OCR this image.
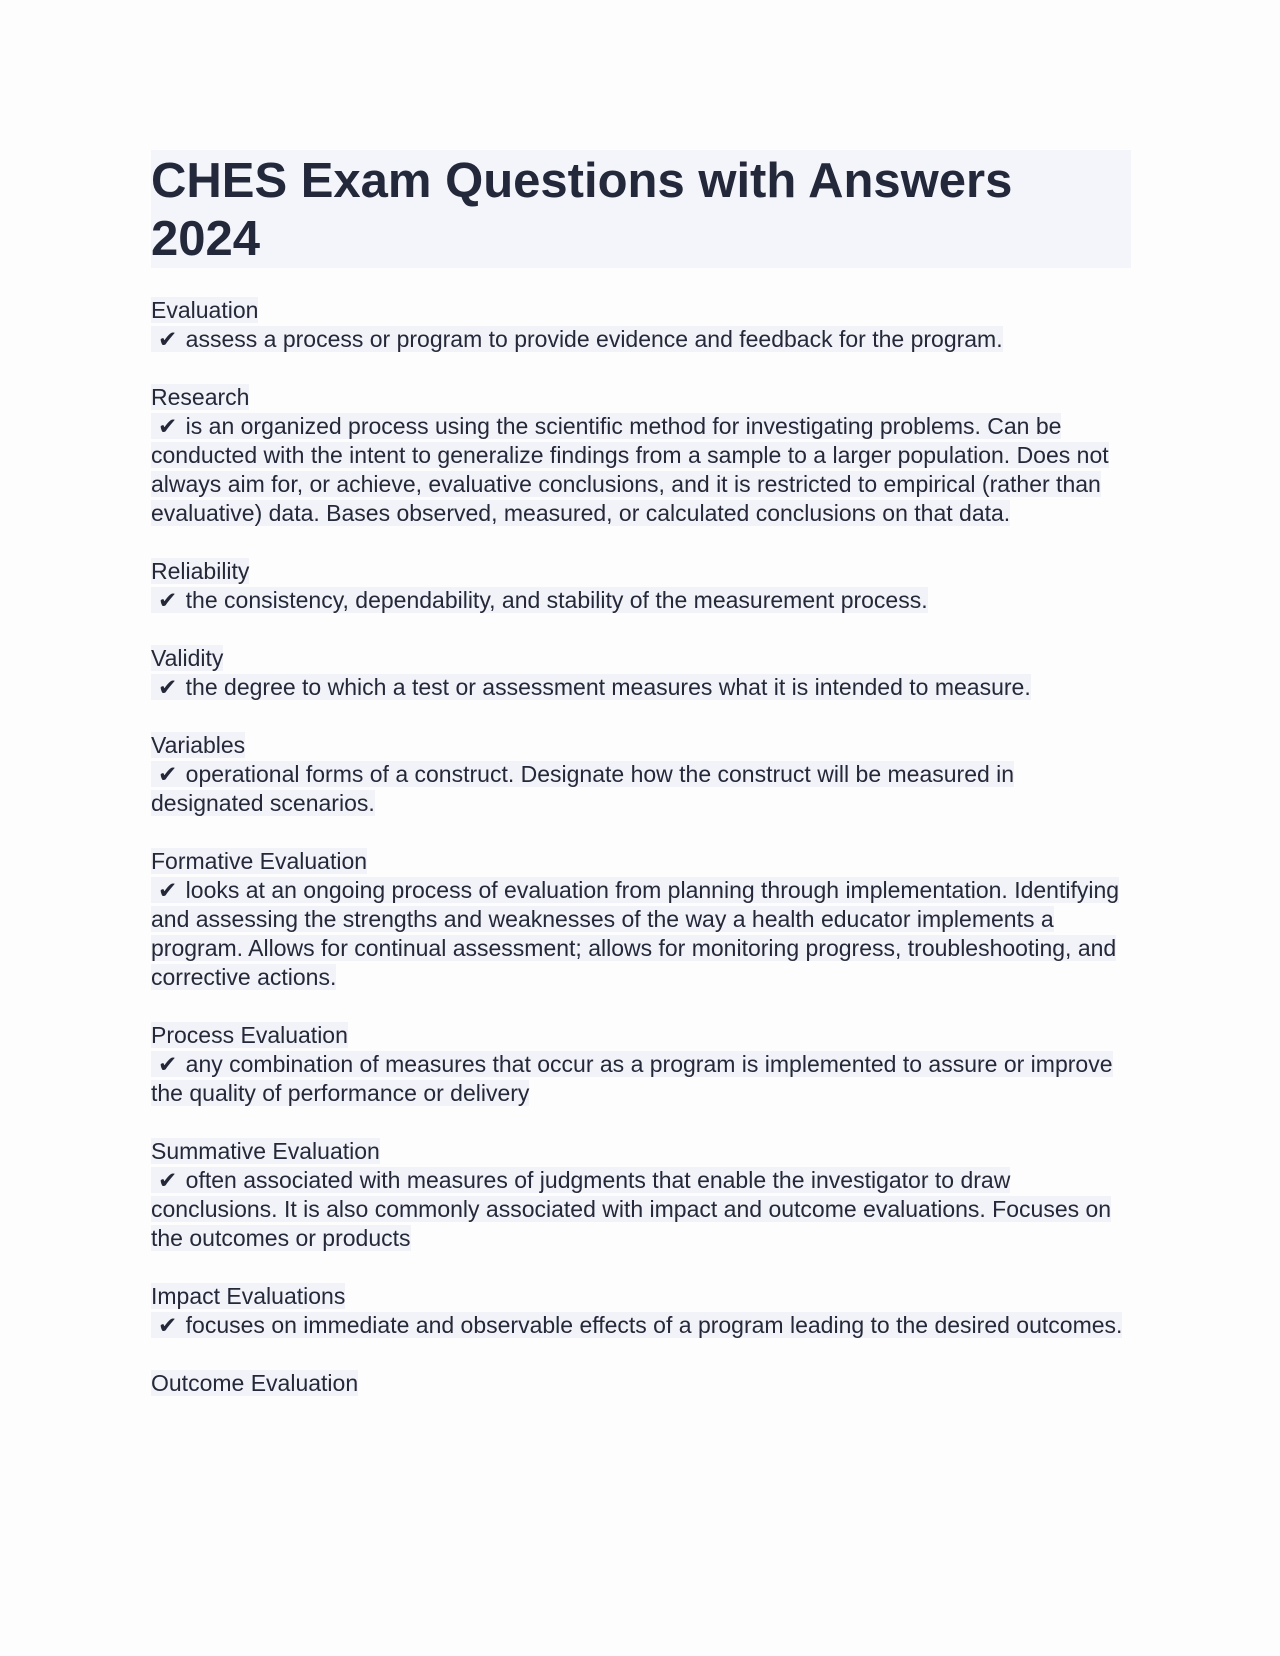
CHES Exam Questions with Answers 2024
Evaluation
✔ assess a process or program to provide evidence and feedback for the program.
Research
✔ is an organized process using the scientific method for investigating problems. Can be conducted with the intent to generalize findings from a sample to a larger population. Does not always aim for, or achieve, evaluative conclusions, and it is restricted to empirical (rather than evaluative) data. Bases observed, measured, or calculated conclusions on that data.
Reliability
✔ the consistency, dependability, and stability of the measurement process.
Validity
✔ the degree to which a test or assessment measures what it is intended to measure.
Variables
✔ operational forms of a construct. Designate how the construct will be measured in designated scenarios.
Formative Evaluation
✔ looks at an ongoing process of evaluation from planning through implementation. Identifying and assessing the strengths and weaknesses of the way a health educator implements a program. Allows for continual assessment; allows for monitoring progress, troubleshooting, and corrective actions.
Process Evaluation
✔ any combination of measures that occur as a program is implemented to assure or improve the quality of performance or delivery
Summative Evaluation
✔ often associated with measures of judgments that enable the investigator to draw conclusions. It is also commonly associated with impact and outcome evaluations. Focuses on the outcomes or products
Impact Evaluations
✔ focuses on immediate and observable effects of a program leading to the desired outcomes.
Outcome Evaluation
